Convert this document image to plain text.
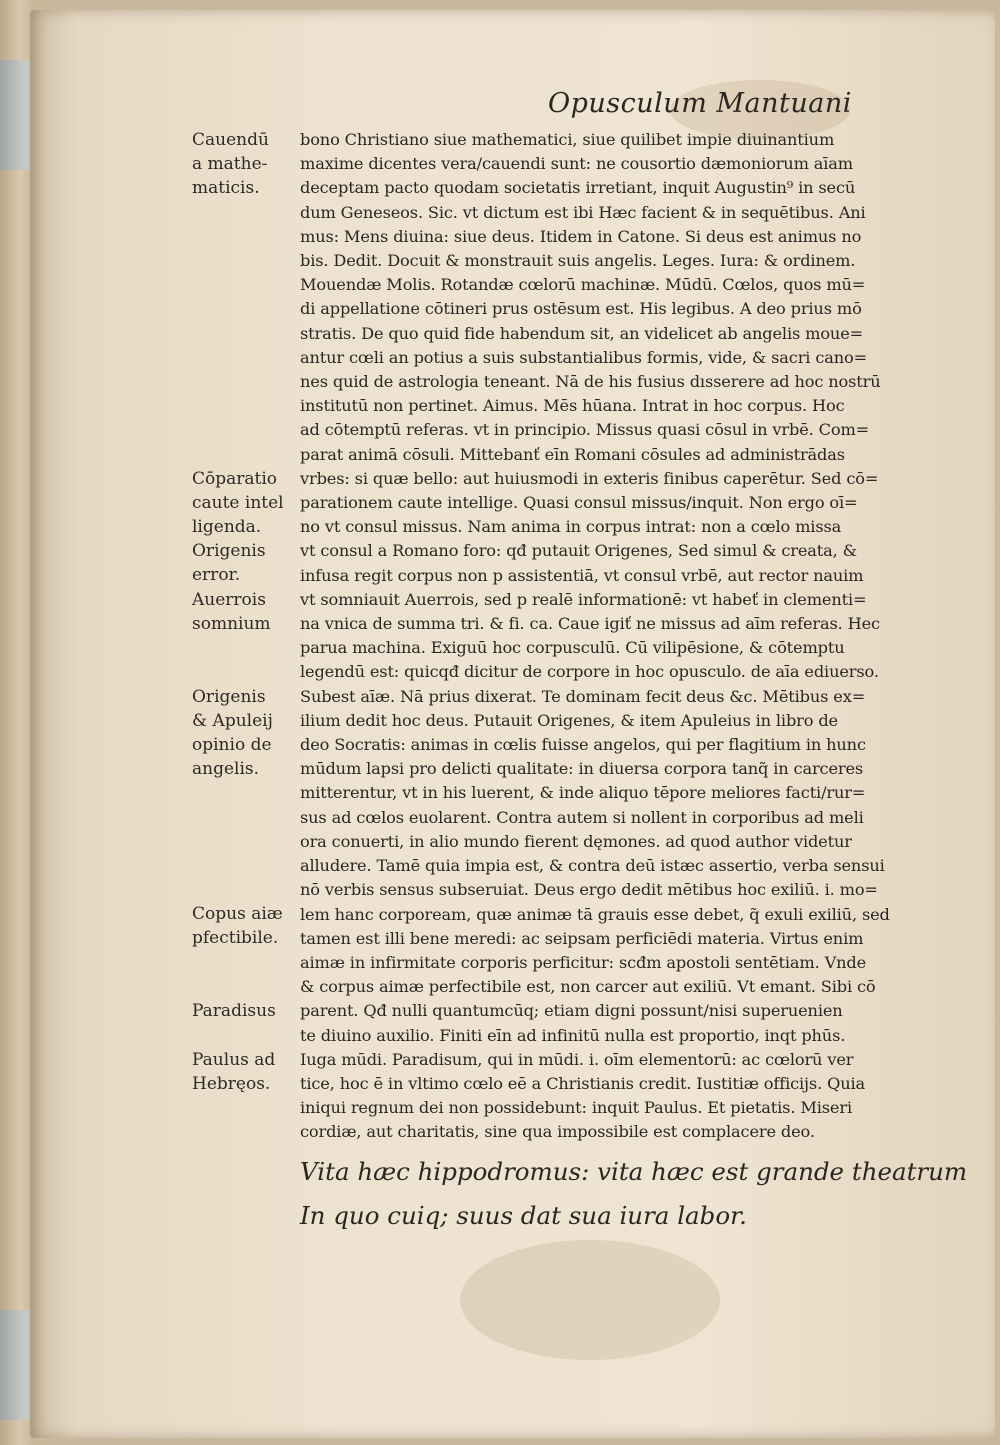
Opusculum Mantuani
Cauendū
a mathe-
maticis.
Cōparatio
caute intel
ligenda.
Origenis
error.
Auerrois
somnium
Origenis
& Apuleij
opinio de
angelis.
Copus aiæ
pfectibile.
Paradisus
Paulus ad
Hebręos.
bono Christiano siue mathematici, siue quilibet impie diuinantium
maxime dicentes vera/cauendi sunt: ne cousortio dæmoniorum aīam
deceptam pacto quodam societatis irretiant, inquit Augustin⁹ in secū
dum Geneseos. Sic. vt dictum est ibi Hæc facient & in sequētibus. Ani
mus: Mens diuina: siue deus. Itidem in Catone. Si deus est animus no
bis. Dedit. Docuit & monstrauit suis angelis. Leges. Iura: & ordinem.
Mouendæ Molis. Rotandæ cœlorū machinæ. Mūdū. Cœlos, quos mū=
di appellatione cōtineri prus ostēsum est. His legibus. A deo prius mō
stratis. De quo quid fide habendum sit, an videlicet ab angelis moue=
antur cœli an potius a suis substantialibus formis, vide, & sacri cano=
nes quid de astrologia teneant. Nā de his fusius dısserere ad hoc nostrū
institutū non pertinet. Aimus. Mēs hūana. Intrat in hoc corpus. Hoc
ad cōtemptū referas. vt in principio. Missus quasi cōsul in vrbē. Com=
parat animā cōsuli. Mittebanť eīn Romani cōsules ad administrādas
vrbes: si quæ bello: aut huiusmodi in exteris finibus caperētur. Sed cō=
parationem caute intellige. Quasi consul missus/inquit. Non ergo oī=
no vt consul missus. Nam anima in corpus intrat: non a cœlo missa
vt consul a Romano foro: qđ putauit Origenes, Sed simul & creata, &
infusa regit corpus non p assistentiā, vt consul vrbē, aut rector nauim
vt somniauit Auerrois, sed p realē informationē: vt habeť in clementi=
na vnica de summa tri. & fi. ca. Caue igiť ne missus ad aīm referas. Hec
parua machina. Exiguū hoc corpusculū. Cū vilipēsione, & cōtemptu
legendū est: quicqđ dicitur de corpore in hoc opusculo. de aīa ediuerso.
Subest aīæ. Nā prius dixerat. Te dominam fecit deus &c. Mētibus ex=
ilium dedit hoc deus. Putauit Origenes, & item Apuleius in libro de
deo Socratis: animas in cœlis fuisse angelos, qui per flagitium in hunc
mūdum lapsi pro delicti qualitate: in diuersa corpora tanq̃ in carceres
mitterentur, vt in his luerent, & inde aliquo tēpore meliores facti/rur=
sus ad cœlos euolarent. Contra autem si nollent in corporibus ad meli
ora conuerti, in alio mundo fierent dęmones. ad quod author videtur
alludere. Tamē quia impia est, & contra deū istæc assertio, verba sensui
nō verbis sensus subseruiat. Deus ergo dedit mētibus hoc exiliū. i. mo=
lem hanc corpoream, quæ animæ tā grauis esse debet, q̃ exuli exiliū, sed
tamen est illi bene meredi: ac seipsam perficiēdi materia. Virtus enim
aimæ in infirmitate corporis perficitur: scđm apostoli sentētiam. Vnde
& corpus aimæ perfectibile est, non carcer aut exiliū. Vt emant. Sibi cō
parent. Qđ nulli quantumcūq; etiam digni possunt/nisi superuenien
te diuino auxilio. Finiti eīn ad infinitū nulla est proportio, inqt phūs.
Iuga mūdi. Paradisum, qui in mūdi. i. oīm elementorū: ac cœlorū ver
tice, hoc ē in vltimo cœlo eē a Christianis credit. Iustitiæ officijs. Quia
iniqui regnum dei non possidebunt: inquit Paulus. Et pietatis. Miseri
cordiæ, aut charitatis, sine qua impossibile est complacere deo.
Vita hæc hippodromus: vita hæc est grande theatrum
In quo cuiq; suus dat sua iura labor.
